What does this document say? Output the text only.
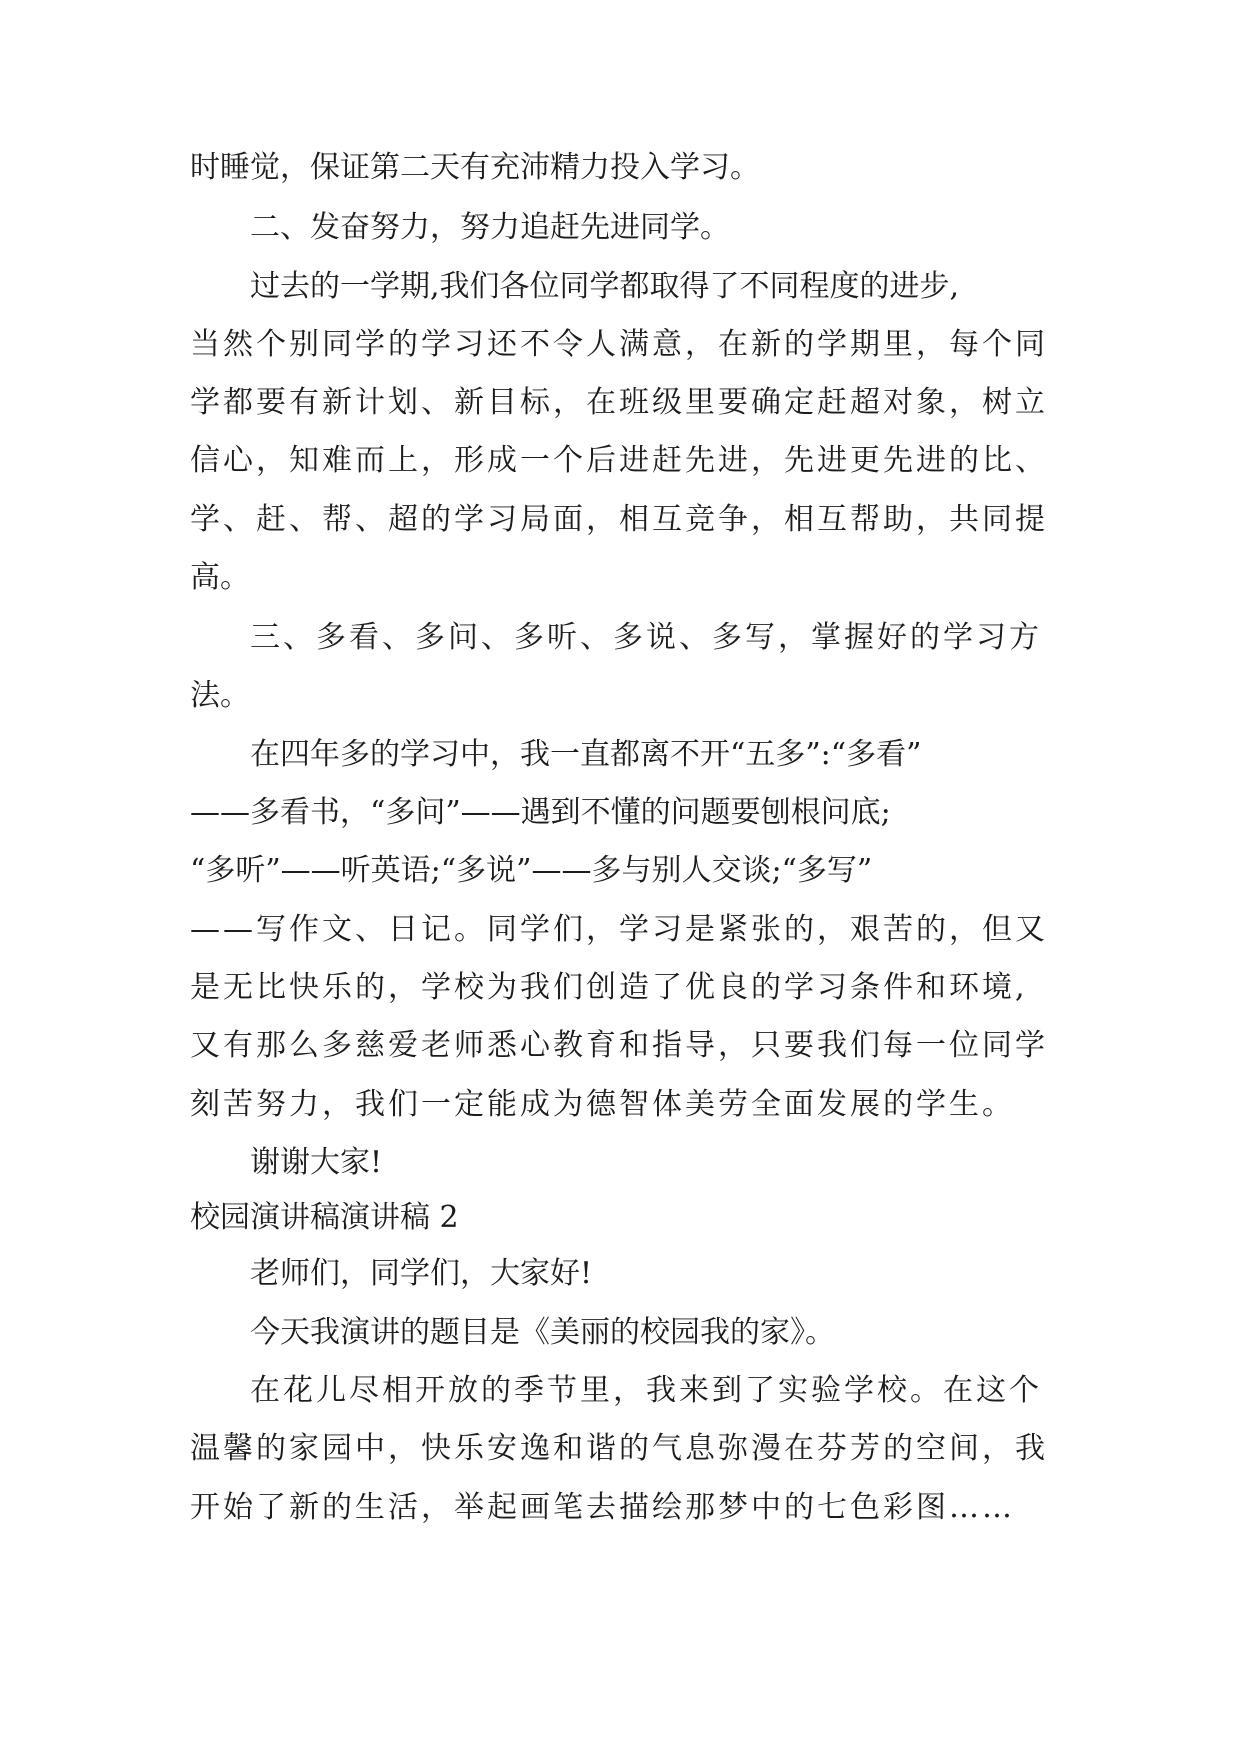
时睡觉，保证第二天有充沛精力投入学习。
二、发奋努力，努力追赶先进同学。
过去的一学期,我们各位同学都取得了不同程度的进步,
当然个别同学的学习还不令人满意，在新的学期里，每个同
学都要有新计划、新目标，在班级里要确定赶超对象，树立
信心，知难而上，形成一个后进赶先进，先进更先进的比、
学、赶、帮、超的学习局面，相互竞争，相互帮助，共同提
高。
三、多看、多问、多听、多说、多写，掌握好的学习方
法。
在四年多的学习中，我一直都离不开“五多”:“多看”
——多看书，“多问”——遇到不懂的问题要刨根问底;
“多听”——听英语;“多说”——多与别人交谈;“多写”
——写作文、日记。同学们，学习是紧张的，艰苦的，但又
是无比快乐的，学校为我们创造了优良的学习条件和环境,
又有那么多慈爱老师悉心教育和指导，只要我们每一位同学
刻苦努力，我们一定能成为德智体美劳全面发展的学生。
谢谢大家!
校园演讲稿演讲稿 2
老师们，同学们，大家好!
今天我演讲的题目是《美丽的校园我的家》。
在花儿尽相开放的季节里，我来到了实验学校。在这个
温馨的家园中，快乐安逸和谐的气息弥漫在芬芳的空间，我
开始了新的生活，举起画笔去描绘那梦中的七色彩图……
